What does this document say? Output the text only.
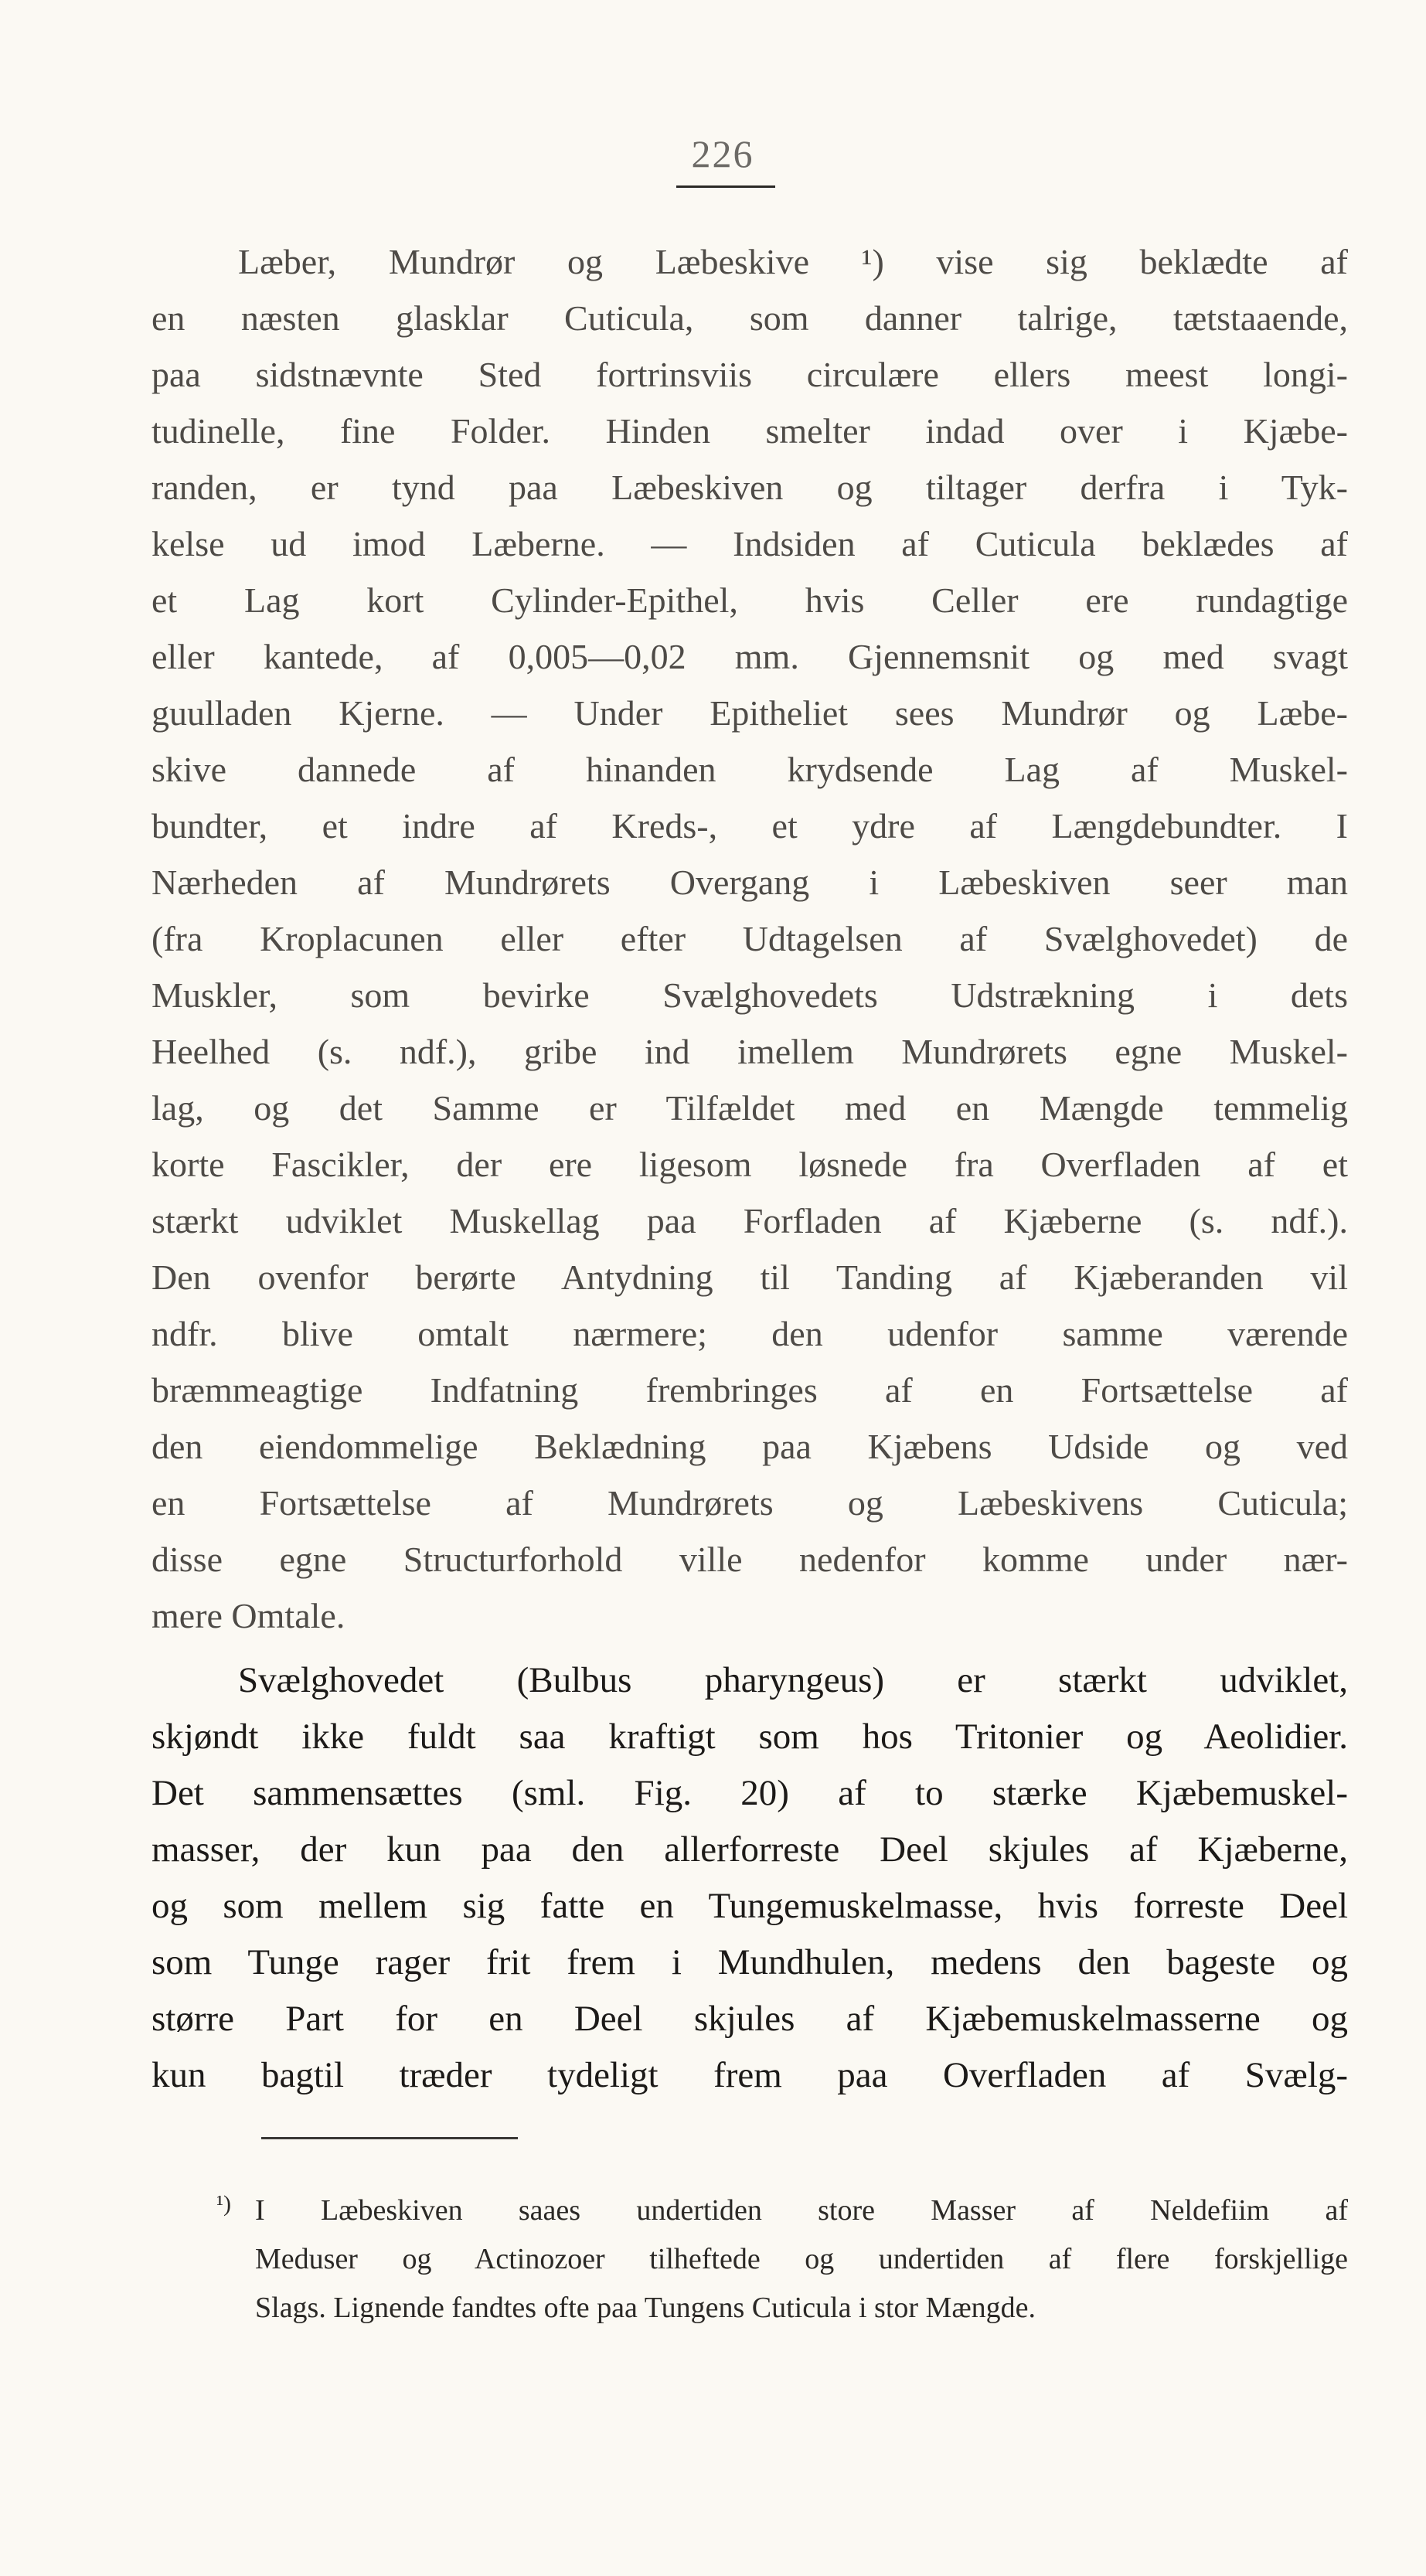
226
Læber, Mundrør og Læbeskive ¹) vise sig beklædte af
en næsten glasklar Cuticula, som danner talrige, tætstaaende,
paa sidstnævnte Sted fortrinsviis circulære ellers meest longi-
tudinelle, fine Folder. Hinden smelter indad over i Kjæbe-
randen, er tynd paa Læbeskiven og tiltager derfra i Tyk-
kelse ud imod Læberne. — Indsiden af Cuticula beklædes af
et Lag kort Cylinder-Epithel, hvis Celler ere rundagtige
eller kantede, af 0,005—0,02 mm. Gjennemsnit og med svagt
guulladen Kjerne. — Under Epitheliet sees Mundrør og Læbe-
skive dannede af hinanden krydsende Lag af Muskel-
bundter, et indre af Kreds-, et ydre af Længdebundter. I
Nærheden af Mundrørets Overgang i Læbeskiven seer man
(fra Kroplacunen eller efter Udtagelsen af Svælghovedet) de
Muskler, som bevirke Svælghovedets Udstrækning i dets
Heelhed (s. ndf.), gribe ind imellem Mundrørets egne Muskel-
lag, og det Samme er Tilfældet med en Mængde temmelig
korte Fascikler, der ere ligesom løsnede fra Overfladen af et
stærkt udviklet Muskellag paa Forfladen af Kjæberne (s. ndf.).
Den ovenfor berørte Antydning til Tanding af Kjæberanden vil
ndfr. blive omtalt nærmere; den udenfor samme værende
bræmmeagtige Indfatning frembringes af en Fortsættelse af
den eiendommelige Beklædning paa Kjæbens Udside og ved
en Fortsættelse af Mundrørets og Læbeskivens Cuticula;
disse egne Structurforhold ville nedenfor komme under nær-
mere Omtale.
Svælghovedet (Bulbus pharyngeus) er stærkt udviklet,
skjøndt ikke fuldt saa kraftigt som hos Tritonier og Aeolidier.
Det sammensættes (sml. Fig. 20) af to stærke Kjæbemuskel-
masser, der kun paa den allerforreste Deel skjules af Kjæberne,
og som mellem sig fatte en Tungemuskelmasse, hvis forreste Deel
som Tunge rager frit frem i Mundhulen, medens den bageste og
større Part for en Deel skjules af Kjæbemuskelmasserne og
kun bagtil træder tydeligt frem paa Overfladen af Svælg-
¹) I Læbeskiven saaes undertiden store Masser af Neldefiim af
Meduser og Actinozoer tilheftede og undertiden af flere forskjellige
Slags. Lignende fandtes ofte paa Tungens Cuticula i stor Mængde.
